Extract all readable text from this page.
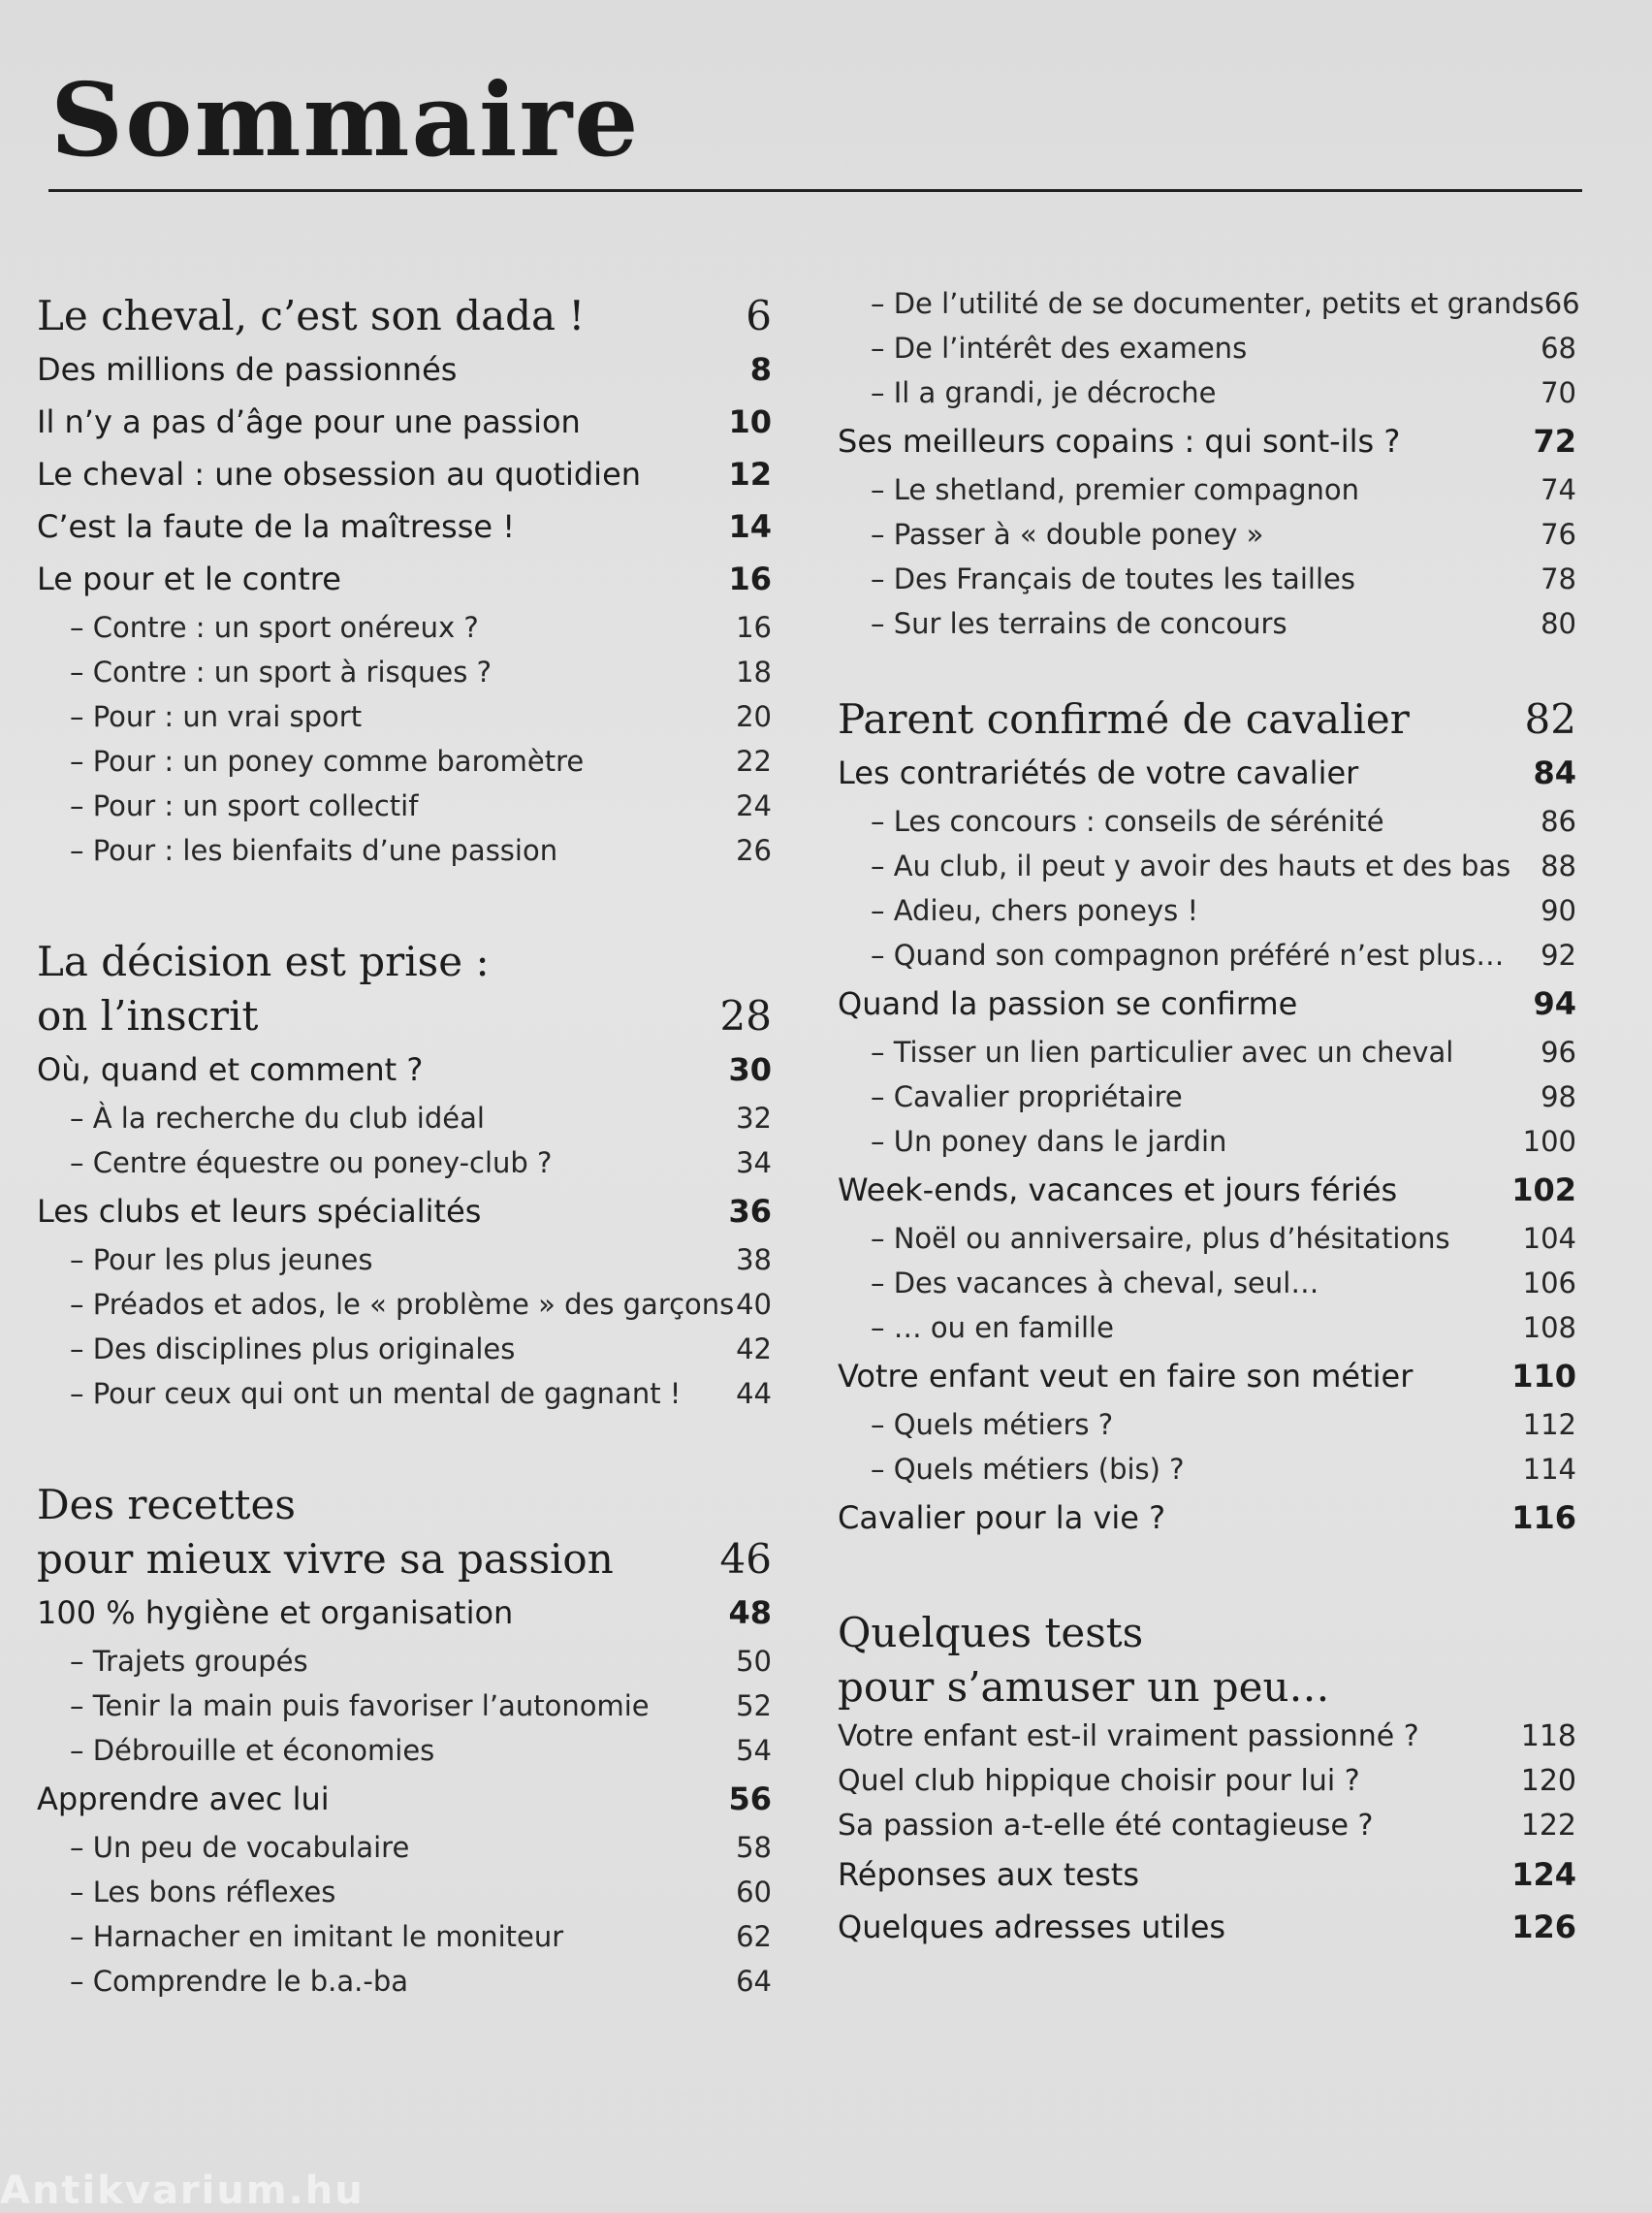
Sommaire
Le cheval, c’est son dada !	6
Des millions de passionnés	8
Il n’y a pas d’âge pour une passion	10
Le cheval : une obsession au quotidien	12
C’est la faute de la maîtresse !	14
Le pour et le contre	16
– Contre : un sport onéreux ?	16
– Contre : un sport à risques ?	18
– Pour : un vrai sport	20
– Pour : un poney comme baromètre	22
– Pour : un sport collectif	24
– Pour : les bienfaits d’une passion	26
La décision est prise :
on l’inscrit	28
Où, quand et comment ?	30
– À la recherche du club idéal	32
– Centre équestre ou poney-club ?	34
Les clubs et leurs spécialités	36
– Pour les plus jeunes	38
– Préados et ados, le « problème » des garçons 40
– Des disciplines plus originales	42
– Pour ceux qui ont un mental de gagnant ! 44
Des recettes
pour mieux vivre sa passion	46
100 % hygiène et organisation	48
– Trajets groupés	50
– Tenir la main puis favoriser l’autonomie	52
– Débrouille et économies	54
Apprendre avec lui	56
– Un peu de vocabulaire	58
– Les bons réflexes	60
– Harnacher en imitant le moniteur	62
– Comprendre le b.a.-ba	64
– De l’utilité de se documenter, petits et grands 66
– De l’intérêt des examens	68
– Il a grandi, je décroche	70
Ses meilleurs copains : qui sont-ils ?	72
– Le shetland, premier compagnon	74
– Passer à « double poney »	76
– Des Français de toutes les tailles	78
– Sur les terrains de concours	80
Parent confirmé de cavalier	82
Les contrariétés de votre cavalier	84
– Les concours : conseils de sérénité	86
– Au club, il peut y avoir des hauts et des bas 88
– Adieu, chers poneys !	90
– Quand son compagnon préféré n’est plus… 92
Quand la passion se confirme	94
– Tisser un lien particulier avec un cheval	96
– Cavalier propriétaire	98
– Un poney dans le jardin	100
Week-ends, vacances et jours fériés	102
– Noël ou anniversaire, plus d’hésitations	104
– Des vacances à cheval, seul…	106
– … ou en famille	108
Votre enfant veut en faire son métier	110
– Quels métiers ?	112
– Quels métiers (bis) ?	114
Cavalier pour la vie ?	116
Quelques tests
pour s’amuser un peu…
Votre enfant est-il vraiment passionné ?	118
Quel club hippique choisir pour lui ?	120
Sa passion a-t-elle été contagieuse ?	122
Réponses aux tests	124
Quelques adresses utiles	126
Antikvarium.hu
